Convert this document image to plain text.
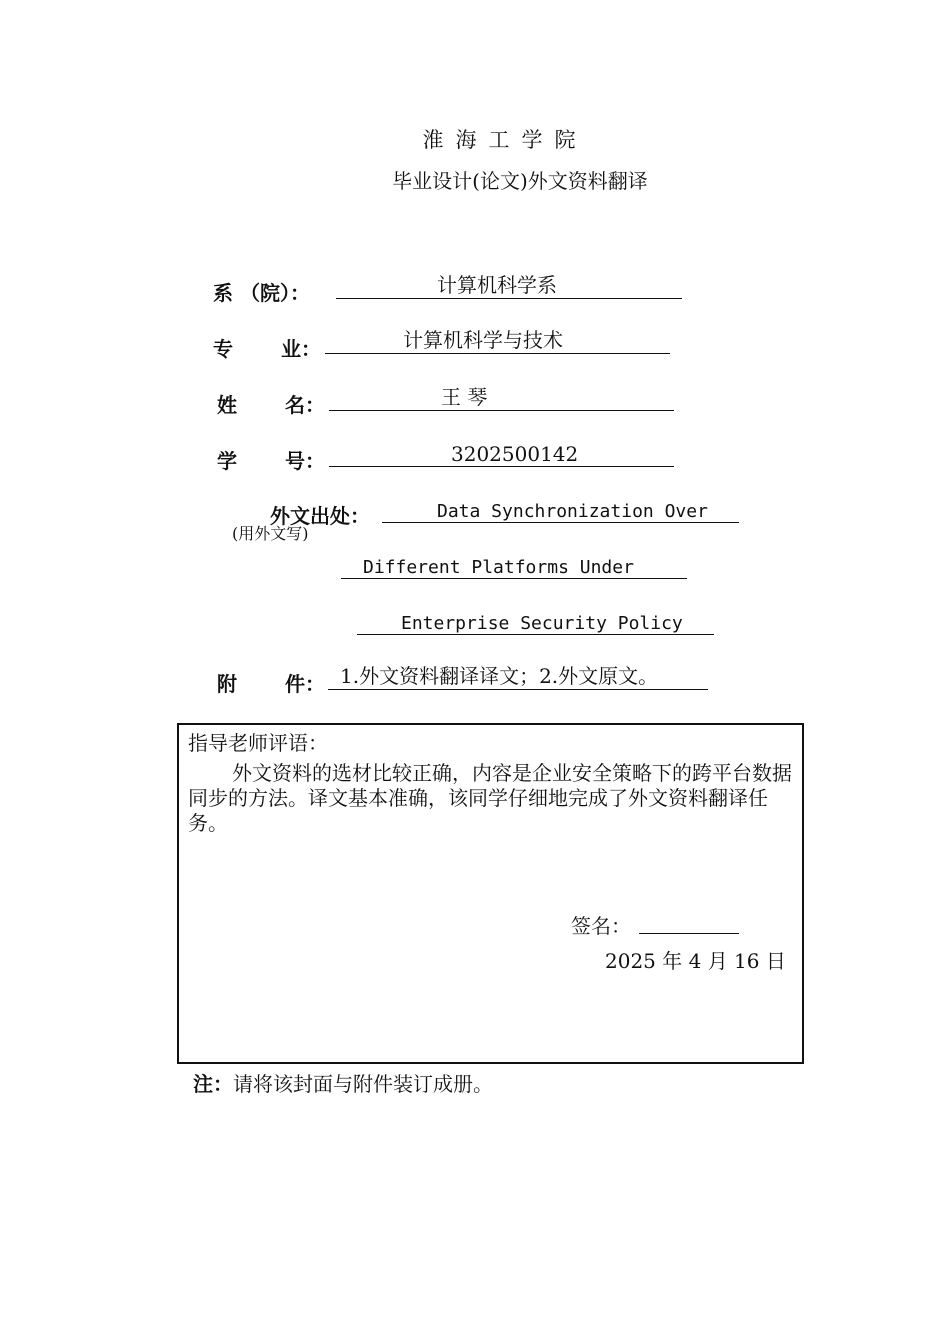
淮海工学院
毕业设计(论文)外文资料翻译
系 （院）：	计算机科学系
专 业：	计算机科学与技术
姓 名：	王 琴
学 号：	3202500142
外文出处：
(用外文写)
Data Synchronization Over
Different Platforms Under
Enterprise Security Policy
附 件： 1.外文资料翻译译文；2.外文原文。
指导老师评语：
外文资料的选材比较正确，内容是企业安全策略下的跨平台数据同步的方法。译文基本准确，该同学仔细地完成了外文资料翻译任务。
签名：
2025 年 4 月 16 日
注：请将该封面与附件装订成册。
